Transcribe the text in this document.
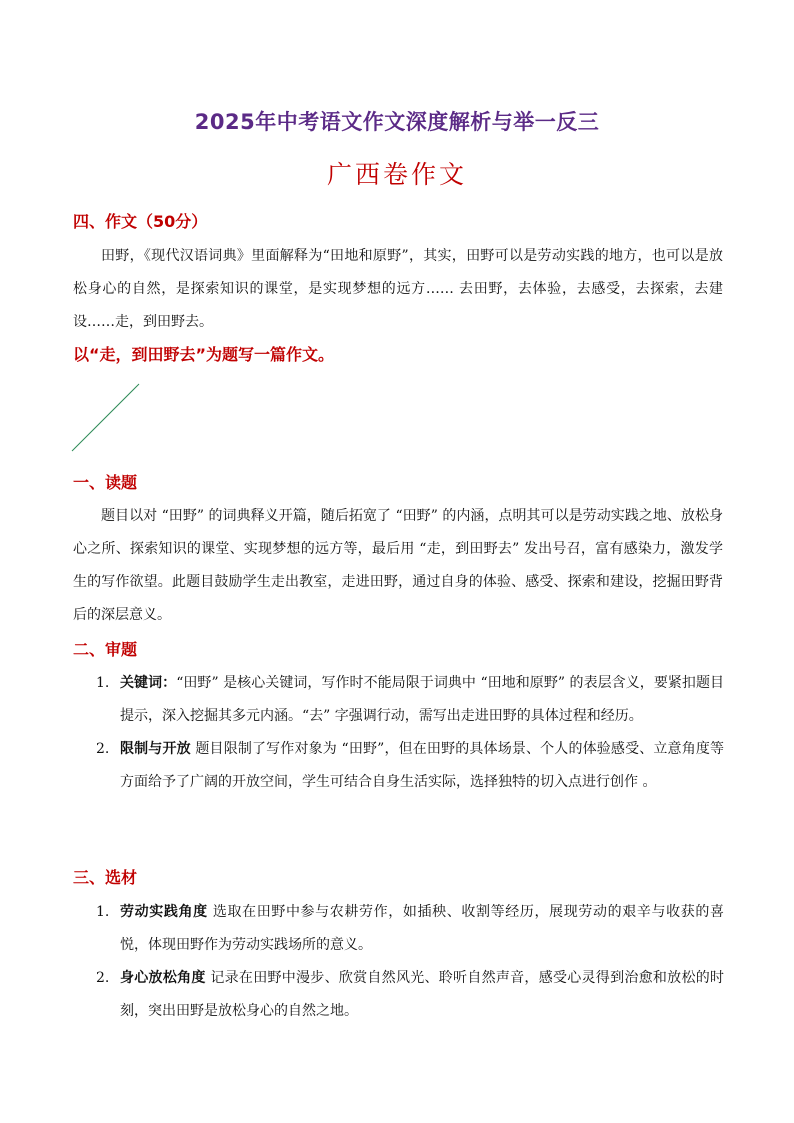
2025年中考语文作文深度解析与举一反三
广西卷作文
四、作文（50分）
田野，《现代汉语词典》里面解释为“田地和原野”，其实，田野可以是劳动实践的地方，也可以是放松身心的自然，是探索知识的课堂，是实现梦想的远方…… 去田野，去体验，去感受，去探索，去建设……走，到田野去。
以“走，到田野去”为题写一篇作文。
一、读题
题目以对 “田野” 的词典释义开篇，随后拓宽了 “田野” 的内涵，点明其可以是劳动实践之地、放松身心之所、探索知识的课堂、实现梦想的远方等，最后用 “走，到田野去” 发出号召，富有感染力，激发学生的写作欲望。此题目鼓励学生走出教室，走进田野，通过自身的体验、感受、探索和建设，挖掘田野背后的深层意义。
二、审题
1. 关键词：“田野” 是核心关键词，写作时不能局限于词典中 “田地和原野” 的表层含义，要紧扣题目提示，深入挖掘其多元内涵。“去” 字强调行动，需写出走进田野的具体过程和经历。
2. 限制与开放 题目限制了写作对象为 “田野”，但在田野的具体场景、个人的体验感受、立意角度等方面给予了广阔的开放空间，学生可结合自身生活实际，选择独特的切入点进行创作 。
三、选材
1. 劳动实践角度 选取在田野中参与农耕劳作，如插秧、收割等经历，展现劳动的艰辛与收获的喜悦，体现田野作为劳动实践场所的意义。
2. 身心放松角度 记录在田野中漫步、欣赏自然风光、聆听自然声音，感受心灵得到治愈和放松的时刻，突出田野是放松身心的自然之地。
